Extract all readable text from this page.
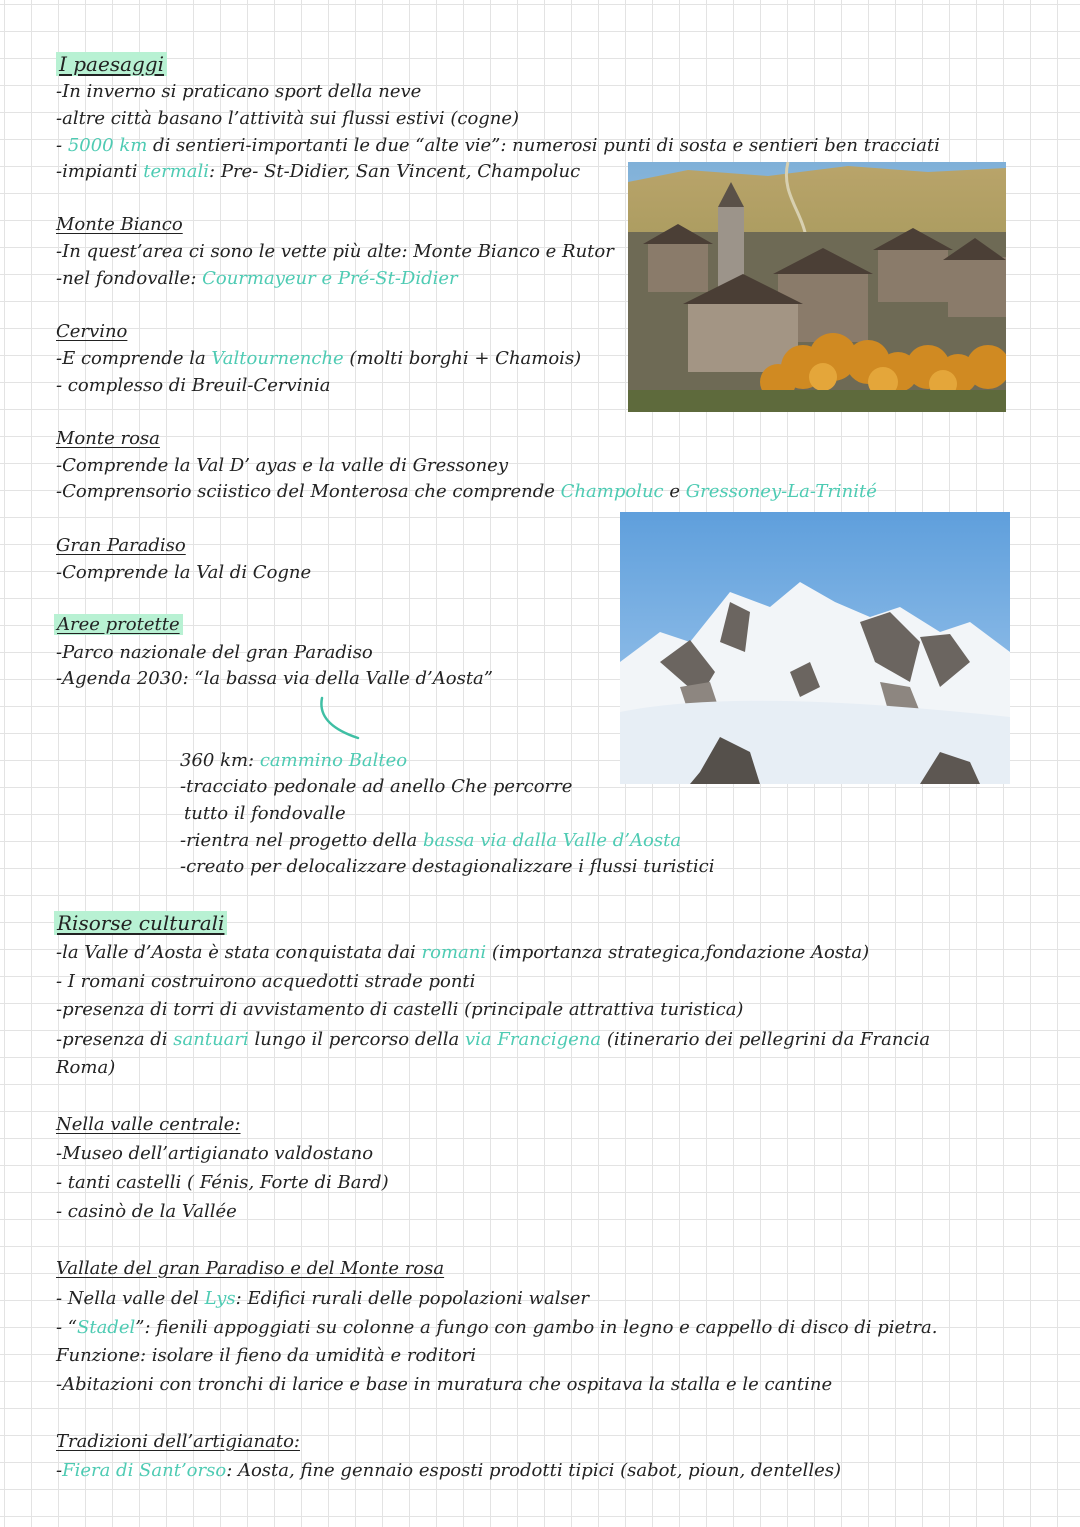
I paesaggi
-In inverno si praticano sport della neve
-altre città basano l’attività sui flussi estivi (cogne)
- 5000 km di sentieri-importanti le due “alte vie”: numerosi punti di sosta e sentieri ben tracciati
-impianti termali: Pre- St-Didier, San Vincent, Champoluc
Monte Bianco
-In quest’area ci sono le vette più alte: Monte Bianco e Rutor
-nel fondovalle: Courmayeur e Pré-St-Didier
Cervino
-E comprende la Valtournenche (molti borghi + Chamois)
- complesso di Breuil-Cervinia
Monte rosa
-Comprende la Val D’ ayas e la valle di Gressoney
-Comprensorio sciistico del Monterosa che comprende Champoluc e Gressoney-La-Trinité
Gran Paradiso
-Comprende la Val di Cogne
Aree protette
-Parco nazionale del gran Paradiso
-Agenda 2030: “la bassa via della Valle d’Aosta”
360 km: cammino Balteo
-tracciato pedonale ad anello Che percorre
tutto il fondovalle
-rientra nel progetto della bassa via dalla Valle d’Aosta
-creato per delocalizzare destagionalizzare i flussi turistici
Risorse culturali
-la Valle d’Aosta è stata conquistata dai romani (importanza strategica,fondazione Aosta)
- I romani costruirono acquedotti strade ponti
-presenza di torri di avvistamento di castelli (principale attrattiva turistica)
-presenza di santuari lungo il percorso della via Francigena (itinerario dei pellegrini da Francia
Roma)
Nella valle centrale:
-Museo dell’artigianato valdostano
- tanti castelli ( Fénis, Forte di Bard)
- casinò de la Vallée
Vallate del gran Paradiso e del Monte rosa
- Nella valle del Lys: Edifici rurali delle popolazioni walser
- “Stadel”: fienili appoggiati su colonne a fungo con gambo in legno e cappello di disco di pietra.
Funzione: isolare il fieno da umidità e roditori
-Abitazioni con tronchi di larice e base in muratura che ospitava la stalla e le cantine
Tradizioni dell’artigianato:
-Fiera di Sant’orso: Aosta, fine gennaio esposti prodotti tipici (sabot, pioun, dentelles)
